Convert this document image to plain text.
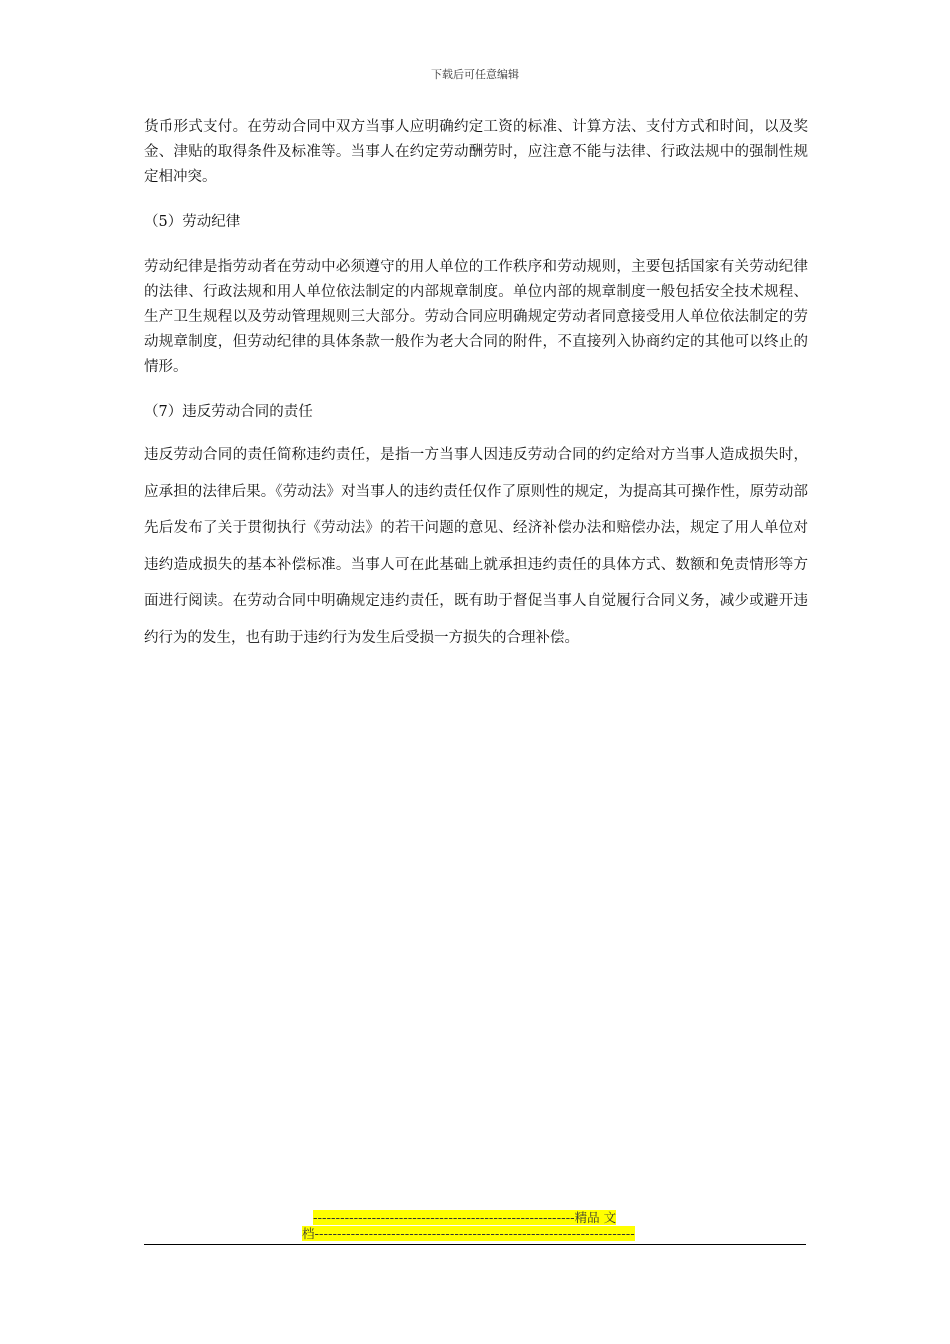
下载后可任意编辑

货币形式支付。在劳动合同中双方当事人应明确约定工资的标准、计算方法、支付方式和时间，以及奖金、津贴的取得条件及标准等。当事人在约定劳动酬劳时，应注意不能与法律、行政法规中的强制性规定相冲突。

（5）劳动纪律

劳动纪律是指劳动者在劳动中必须遵守的用人单位的工作秩序和劳动规则，主要包括国家有关劳动纪律的法律、行政法规和用人单位依法制定的内部规章制度。单位内部的规章制度一般包括安全技术规程、生产卫生规程以及劳动管理规则三大部分。劳动合同应明确规定劳动者同意接受用人单位依法制定的劳动规章制度，但劳动纪律的具体条款一般作为老大合同的附件，不直接列入协商约定的其他可以终止的情形。

（7）违反劳动合同的责任

违反劳动合同的责任简称违约责任，是指一方当事人因违反劳动合同的约定给对方当事人造成损失时，应承担的法律后果。《劳动法》对当事人的违约责任仅作了原则性的规定，为提高其可操作性，原劳动部先后发布了关于贯彻执行《劳动法》的若干问题的意见、经济补偿办法和赔偿办法，规定了用人单位对违约造成损失的基本补偿标准。当事人可在此基础上就承担违约责任的具体方式、数额和免责情形等方面进行阅读。在劳动合同中明确规定违约责任，既有助于督促当事人自觉履行合同义务，减少或避开违约行为的发生，也有助于违约行为发生后受损一方损失的合理补偿。

----------------------------------------------------------精品 文
档-----------------------------------------------------------------------
